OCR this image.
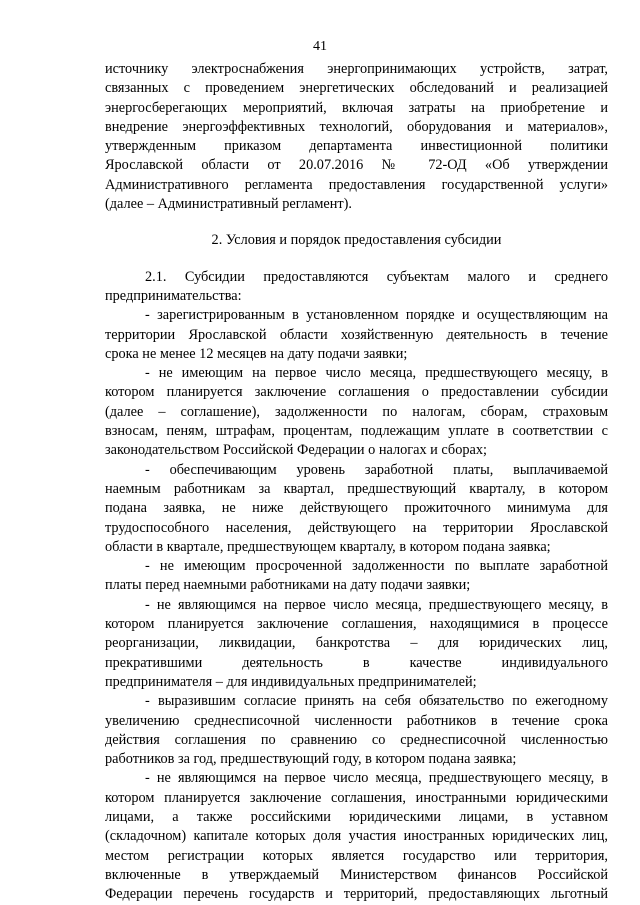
41
источнику электроснабжения энергопринимающих устройств, затрат,
связанных с проведением энергетических обследований и реализацией
энергосберегающих мероприятий, включая затраты на приобретение и
внедрение энергоэффективных технологий, оборудования и материалов»,
утвержденным приказом департамента инвестиционной политики
Ярославской области от 20.07.2016 № 72-ОД «Об утверждении
Административного регламента предоставления государственной услуги»
(далее – Административный регламент).
2. Условия и порядок предоставления субсидии
2.1. Субсидии предоставляются субъектам малого и среднего
предпринимательства:
- зарегистрированным в установленном порядке и осуществляющим на
территории Ярославской области хозяйственную деятельность в течение
срока не менее 12 месяцев на дату подачи заявки;
- не имеющим на первое число месяца, предшествующего месяцу, в
котором планируется заключение соглашения о предоставлении субсидии
(далее – соглашение), задолженности по налогам, сборам, страховым
взносам, пеням, штрафам, процентам, подлежащим уплате в соответствии с
законодательством Российской Федерации о налогах и сборах;
- обеспечивающим уровень заработной платы, выплачиваемой
наемным работникам за квартал, предшествующий кварталу, в котором
подана заявка, не ниже действующего прожиточного минимума для
трудоспособного населения, действующего на территории Ярославской
области в квартале, предшествующем кварталу, в котором подана заявка;
- не имеющим просроченной задолженности по выплате заработной
платы перед наемными работниками на дату подачи заявки;
- не являющимся на первое число месяца, предшествующего месяцу, в
котором планируется заключение соглашения, находящимися в процессе
реорганизации, ликвидации, банкротства – для юридических лиц,
прекратившими деятельность в качестве индивидуального
предпринимателя – для индивидуальных предпринимателей;
- выразившим согласие принять на себя обязательство по ежегодному
увеличению среднесписочной численности работников в течение срока
действия соглашения по сравнению со среднесписочной численностью
работников за год, предшествующий году, в котором подана заявка;
- не являющимся на первое число месяца, предшествующего месяцу, в
котором планируется заключение соглашения, иностранными юридическими
лицами, а также российскими юридическими лицами, в уставном
(складочном) капитале которых доля участия иностранных юридических лиц,
местом регистрации которых является государство или территория,
включенные в утверждаемый Министерством финансов Российской
Федерации перечень государств и территорий, предоставляющих льготный
